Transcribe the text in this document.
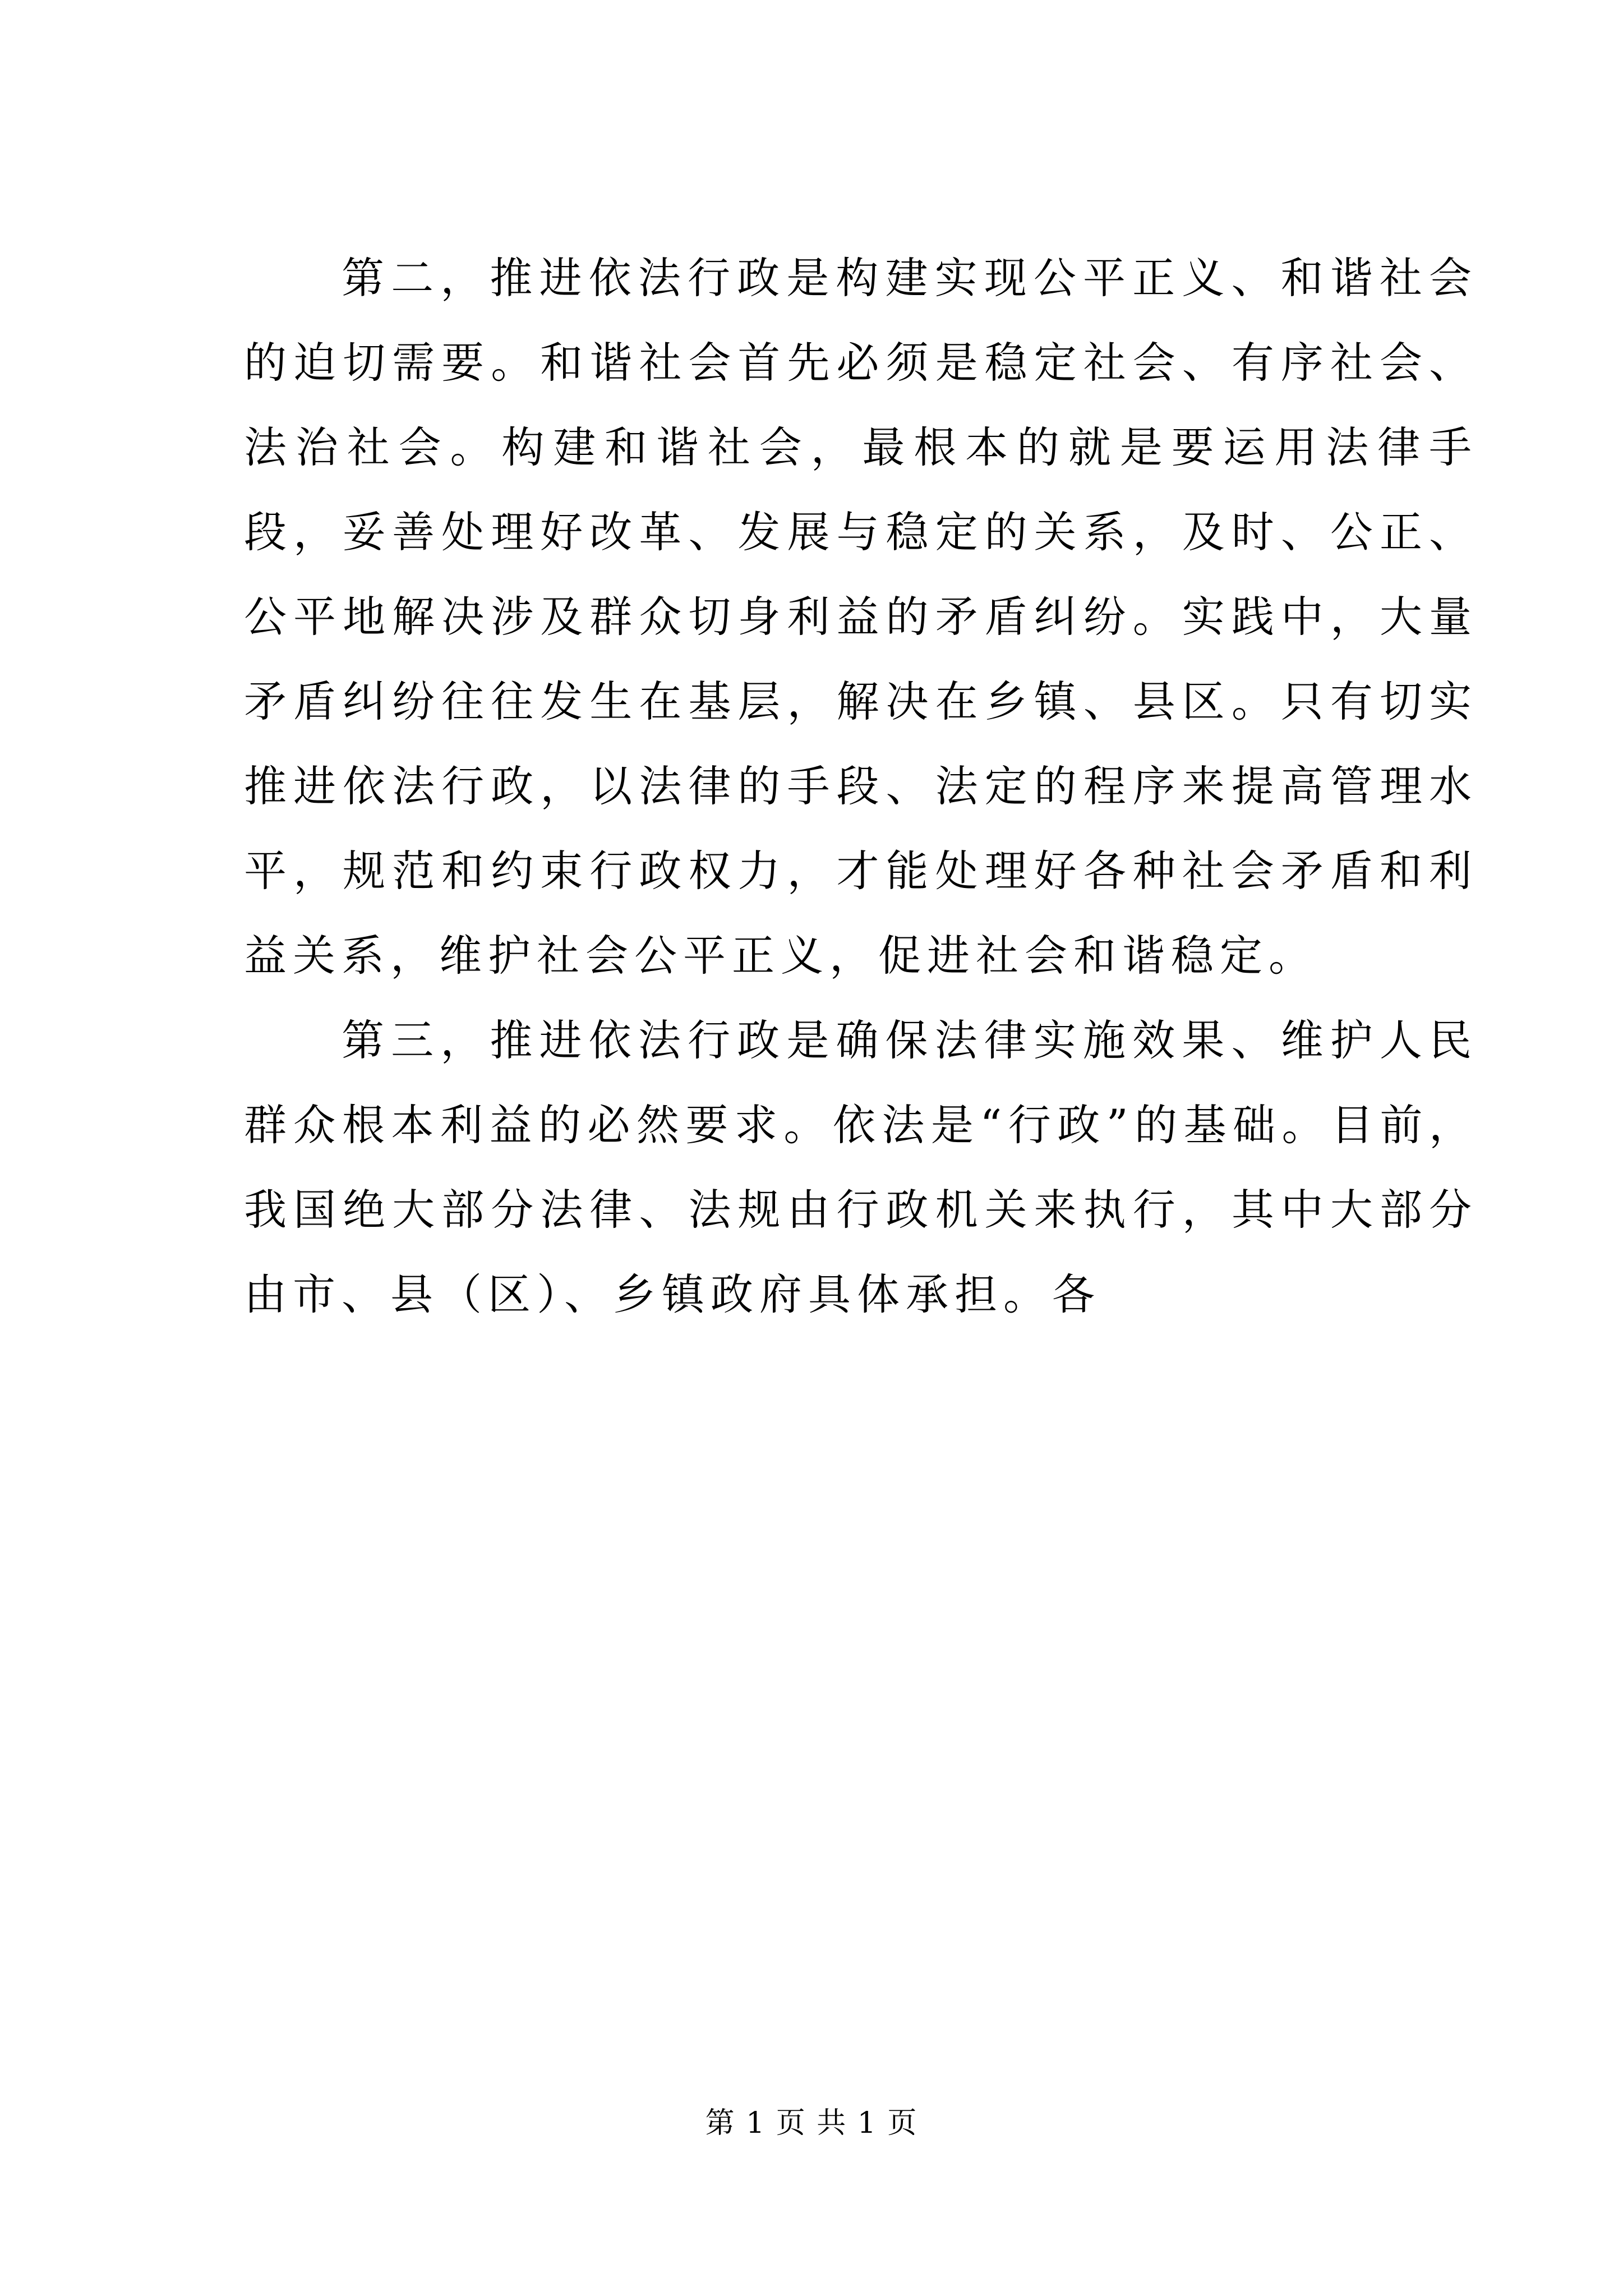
第二，推进依法行政是构建实现公平正义、和谐社会的迫切需要。和谐社会首先必须是稳定社会、有序社会、法治社会。构建和谐社会，最根本的就是要运用法律手段，妥善处理好改革、发展与稳定的关系，及时、公正、公平地解决涉及群众切身利益的矛盾纠纷。实践中，大量矛盾纠纷往往发生在基层，解决在乡镇、县区。只有切实推进依法行政，以法律的手段、法定的程序来提高管理水平，规范和约束行政权力，才能处理好各种社会矛盾和利益关系，维护社会公平正义，促进社会和谐稳定。

第三，推进依法行政是确保法律实施效果、维护人民群众根本利益的必然要求。依法是“行政”的基础。目前，我国绝大部分法律、法规由行政机关来执行，其中大部分由市、县（区）、乡镇政府具体承担。各

第 1 页 共 1 页
